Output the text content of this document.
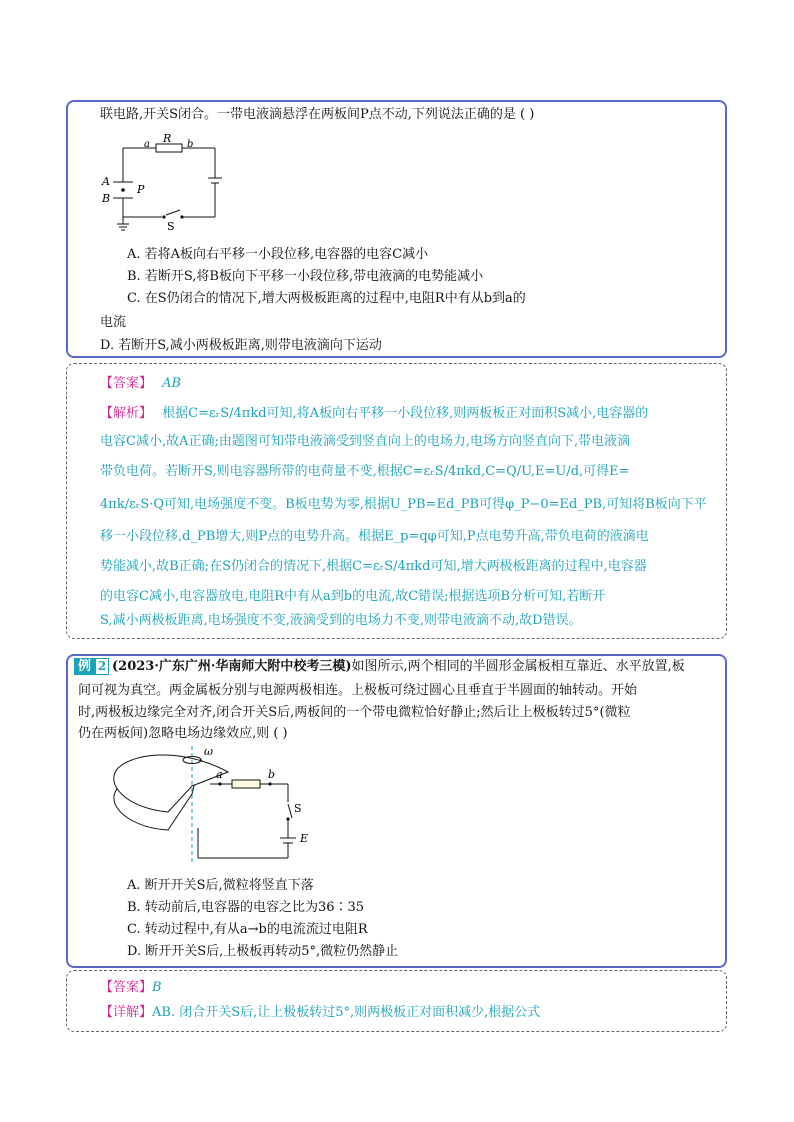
联电路,开关S闭合。一带电液滴悬浮在两板间P点不动,下列说法正确的是 ( )
R
a	b
A
B
P
S
A. 若将A板向右平移一小段位移,电容器的电容C减小
B. 若断开S,将B板向下平移一小段位移,带电液滴的电势能减小
C. 在S仍闭合的情况下,增大两极板距离的过程中,电阻R中有从b到a的
电流
D. 若断开S,减小两极板距离,则带电液滴向下运动
【答案】 AB
【解析】 根据C=εᵣS/4πkd可知,将A板向右平移一小段位移,则两板板正对面积S减小,电容器的
电容C减小,故A正确;由题图可知带电液滴受到竖直向上的电场力,电场方向竖直向下,带电液滴
带负电荷。若断开S,则电容器所带的电荷量不变,根据C=εᵣS/4πkd,C=Q/U,E=U/d,可得E=
4πk/εᵣS·Q可知,电场强度不变。B板电势为零,根据U_PB=Ed_PB可得φ_P−0=Ed_PB,可知将B板向下平
移一小段位移,d_PB增大,则P点的电势升高。根据E_p=qφ可知,P点电势升高,带负电荷的液滴电
势能减小,故B正确;在S仍闭合的情况下,根据C=εᵣS/4πkd可知,增大两极板距离的过程中,电容器
的电容C减小,电容器放电,电阻R中有从a到b的电流,故C错误;根据选项B分析可知,若断开
S,减小两极板距离,电场强度不变,液滴受到的电场力不变,则带电液滴不动,故D错误。
例 2 (2023·广东广州·华南师大附中校考三模)如图所示,两个相同的半圆形金属板相互靠近、水平放置,板
间可视为真空。两金属板分别与电源两极相连。上极板可绕过圆心且垂直于半圆面的轴转动。开始
时,两极板边缘完全对齐,闭合开关S后,两板间的一个带电微粒恰好静止;然后让上极板转过5°(微粒
仍在两板间)忽略电场边缘效应,则 ( )
ω
a	b
S
E
A. 断开开关S后,微粒将竖直下落
B. 转动前后,电容器的电容之比为36∶35
C. 转动过程中,有从a→b的电流流过电阻R
D. 断开开关S后,上极板再转动5°,微粒仍然静止
【答案】B
【详解】AB. 闭合开关S后,让上极板转过5°,则两极板正对面积减少,根据公式
